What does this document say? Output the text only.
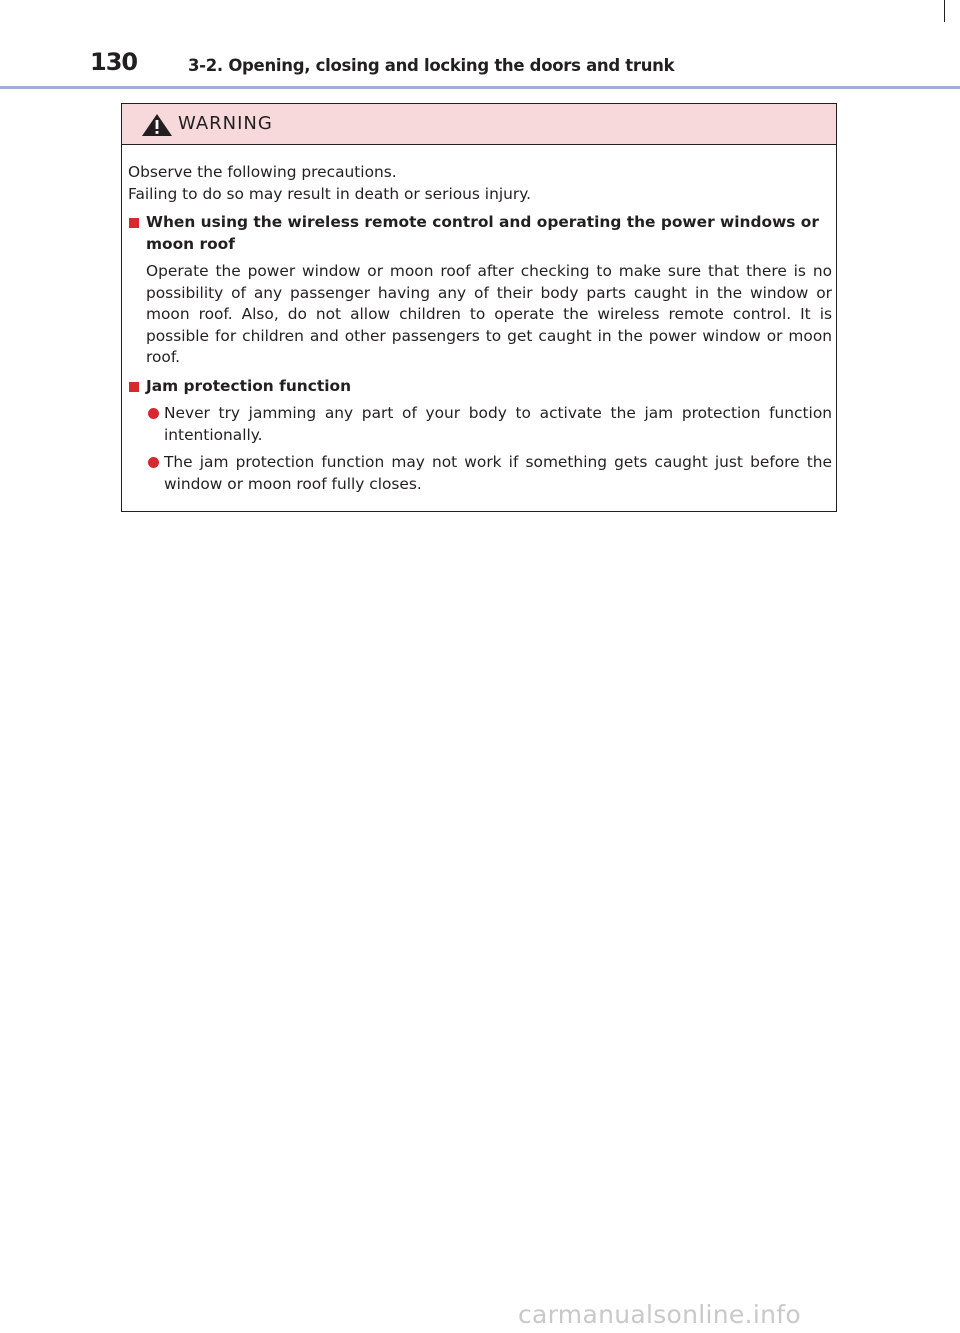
130	3-2. Opening, closing and locking the doors and trunk
WARNING

Observe the following precautions.
Failing to do so may result in death or serious injury.

When using the wireless remote control and operating the power windows or moon roof

Operate the power window or moon roof after checking to make sure that there is no possibility of any passenger having any of their body parts caught in the window or moon roof. Also, do not allow children to operate the wireless remote control. It is possible for children and other passengers to get caught in the power window or moon roof.

Jam protection function
Never try jamming any part of your body to activate the jam protection function intentionally.
The jam protection function may not work if something gets caught just before the window or moon roof fully closes.
carmanualsonline.info
